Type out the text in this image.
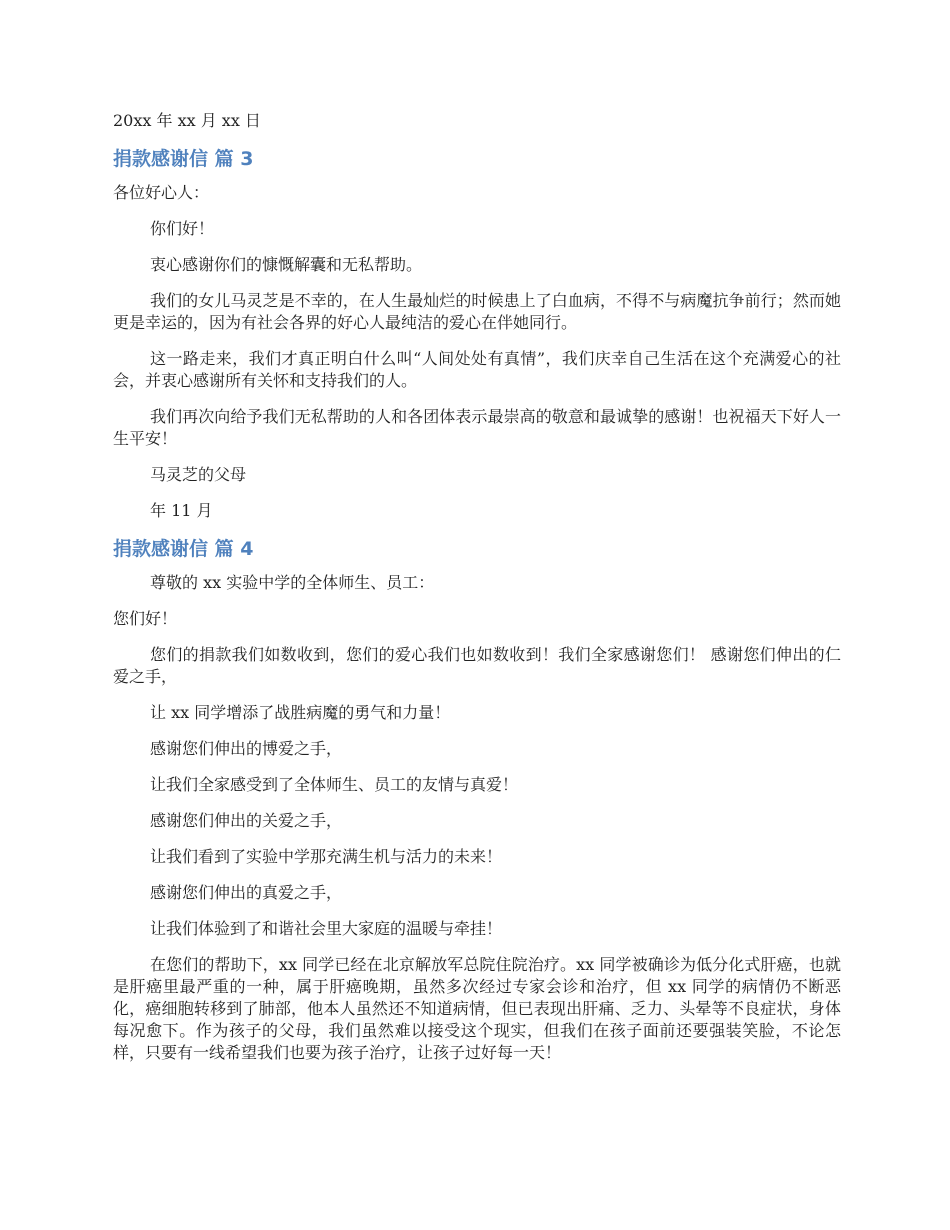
20xx 年 xx 月 xx 日

捐款感谢信 篇 3

各位好心人：

你们好！

衷心感谢你们的慷慨解囊和无私帮助。

我们的女儿马灵芝是不幸的，在人生最灿烂的时候患上了白血病，不得不与病魔抗争前行；然而她更是幸运的，因为有社会各界的好心人最纯洁的爱心在伴她同行。

这一路走来，我们才真正明白什么叫“人间处处有真情”，我们庆幸自己生活在这个充满爱心的社会，并衷心感谢所有关怀和支持我们的人。

我们再次向给予我们无私帮助的人和各团体表示最崇高的敬意和最诚挚的感谢！也祝福天下好人一生平安！

马灵芝的父母

年 11 月

捐款感谢信 篇 4

尊敬的 xx 实验中学的全体师生、员工：

您们好！

您们的捐款我们如数收到，您们的爱心我们也如数收到！我们全家感谢您们！ 感谢您们伸出的仁爱之手，

让 xx 同学增添了战胜病魔的勇气和力量！

感谢您们伸出的博爱之手，

让我们全家感受到了全体师生、员工的友情与真爱！

感谢您们伸出的关爱之手，

让我们看到了实验中学那充满生机与活力的未来！

感谢您们伸出的真爱之手，

让我们体验到了和谐社会里大家庭的温暖与牵挂！

在您们的帮助下，xx 同学已经在北京解放军总院住院治疗。xx 同学被确诊为低分化式肝癌，也就是肝癌里最严重的一种，属于肝癌晚期，虽然多次经过专家会诊和治疗，但 xx 同学的病情仍不断恶化，癌细胞转移到了肺部，他本人虽然还不知道病情，但已表现出肝痛、乏力、头晕等不良症状，身体每况愈下。作为孩子的父母，我们虽然难以接受这个现实，但我们在孩子面前还要强装笑脸，不论怎样，只要有一线希望我们也要为孩子治疗，让孩子过好每一天！
